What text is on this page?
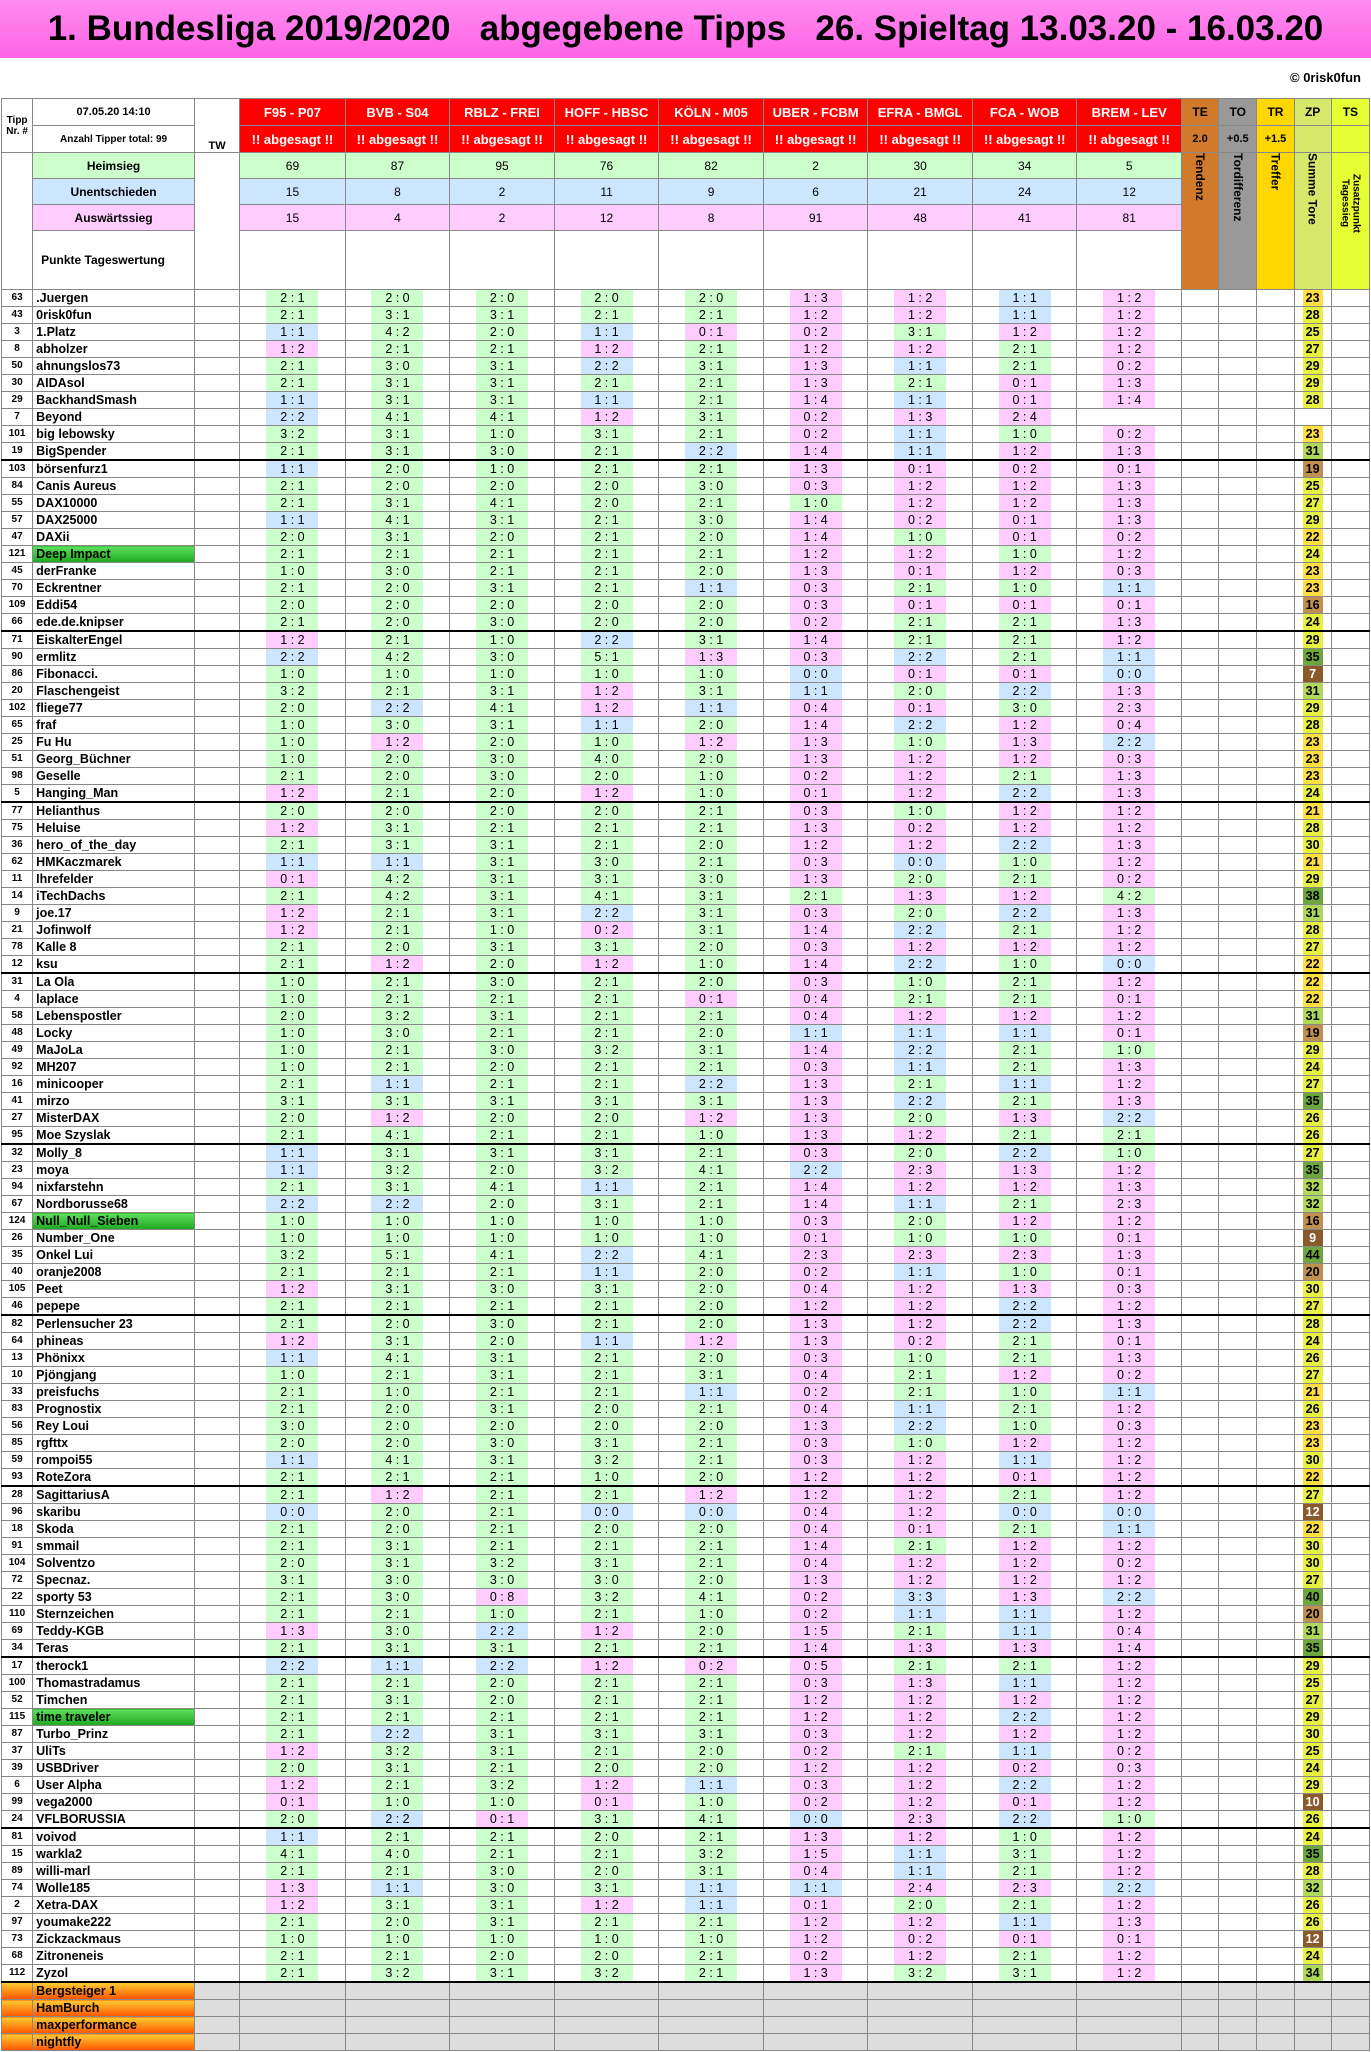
1. Bundesliga 2019/2020   abgegebene Tipps   26. Spieltag 13.03.20 - 16.03.20
© 0risk0fun
Tipp Nr. #	07.05.20 14:10	TW	F95 - P07	BVB - S04	RBLZ - FREI	HOFF - HBSC	KÖLN - M05	UBER - FCBM	EFRA - BMGL	FCA - WOB	BREM - LEV	TE	TO	TR	ZP	TS
	Anzahl Tipper total: 99		!! abgesagt !!	!! abgesagt !!	!! abgesagt !!	!! abgesagt !!	!! abgesagt !!	!! abgesagt !!	!! abgesagt !!	!! abgesagt !!	!! abgesagt !!	2.0	+0.5	+1.5		
	Heimsieg		69	87	95	76	82	2	30	34	5	Tendenz	Tordifferenz	Treffer	Summe Tore	Zusatzpunkt Tagessieg
	Unentschieden		15	8	2	11	9	6	21	24	12					
	Auswärtssieg		15	4	2	12	8	91	48	41	81					
	Punkte Tageswertung															
63	.Juergen		2 : 1	2 : 0	2 : 0	2 : 0	2 : 0	1 : 3	1 : 2	1 : 1	1 : 2				23	
43	0risk0fun		2 : 1	3 : 1	3 : 1	2 : 1	2 : 1	1 : 2	1 : 2	1 : 1	1 : 2				28	
3	1.Platz		1 : 1	4 : 2	2 : 0	1 : 1	0 : 1	0 : 2	3 : 1	1 : 2	1 : 2				25	
8	abholzer		1 : 2	2 : 1	2 : 1	1 : 2	2 : 1	1 : 2	1 : 2	2 : 1	1 : 2				27	
50	ahnungslos73		2 : 1	3 : 0	3 : 1	2 : 2	3 : 1	1 : 3	1 : 1	2 : 1	0 : 2				29	
30	AIDAsol		2 : 1	3 : 1	3 : 1	2 : 1	2 : 1	1 : 3	2 : 1	0 : 1	1 : 3				29	
29	BackhandSmash		1 : 1	3 : 1	3 : 1	1 : 1	2 : 1	1 : 4	1 : 1	0 : 1	1 : 4				28	
7	Beyond		2 : 2	4 : 1	4 : 1	1 : 2	3 : 1	0 : 2	1 : 3	2 : 4						
101	big lebowsky		3 : 2	3 : 1	1 : 0	3 : 1	2 : 1	0 : 2	1 : 1	1 : 0	0 : 2				23	
19	BigSpender		2 : 1	3 : 1	3 : 0	2 : 1	2 : 2	1 : 4	1 : 1	1 : 2	1 : 3				31	
103	börsenfurz1		1 : 1	2 : 0	1 : 0	2 : 1	2 : 1	1 : 3	0 : 1	0 : 2	0 : 1				19	
84	Canis Aureus		2 : 1	2 : 0	2 : 0	2 : 0	3 : 0	0 : 3	1 : 2	1 : 2	1 : 3				25	
55	DAX10000		2 : 1	3 : 1	4 : 1	2 : 0	2 : 1	1 : 0	1 : 2	1 : 2	1 : 3				27	
57	DAX25000		1 : 1	4 : 1	3 : 1	2 : 1	3 : 0	1 : 4	0 : 2	0 : 1	1 : 3				29	
47	DAXii		2 : 0	3 : 1	2 : 0	2 : 1	2 : 0	1 : 4	1 : 0	0 : 1	0 : 2				22	
121	Deep Impact		2 : 1	2 : 1	2 : 1	2 : 1	2 : 1	1 : 2	1 : 2	1 : 0	1 : 2				24	
45	derFranke		1 : 0	3 : 0	2 : 1	2 : 1	2 : 0	1 : 3	0 : 1	1 : 2	0 : 3				23	
70	Eckrentner		2 : 1	2 : 0	3 : 1	2 : 1	1 : 1	0 : 3	2 : 1	1 : 0	1 : 1				23	
109	Eddi54		2 : 0	2 : 0	2 : 0	2 : 0	2 : 0	0 : 3	0 : 1	0 : 1	0 : 1				16	
66	ede.de.knipser		2 : 1	2 : 0	3 : 0	2 : 0	2 : 0	0 : 2	2 : 1	2 : 1	1 : 3				24	
71	EiskalterEngel		1 : 2	2 : 1	1 : 0	2 : 2	3 : 1	1 : 4	2 : 1	2 : 1	1 : 2				29	
90	ermlitz		2 : 2	4 : 2	3 : 0	5 : 1	1 : 3	0 : 3	2 : 2	2 : 1	1 : 1				35	
86	Fibonacci.		1 : 0	1 : 0	1 : 0	1 : 0	1 : 0	0 : 0	0 : 1	0 : 1	0 : 0				7	
20	Flaschengeist		3 : 2	2 : 1	3 : 1	1 : 2	3 : 1	1 : 1	2 : 0	2 : 2	1 : 3				31	
102	fliege77		2 : 0	2 : 2	4 : 1	1 : 2	1 : 1	0 : 4	0 : 1	3 : 0	2 : 3				29	
65	fraf		1 : 0	3 : 0	3 : 1	1 : 1	2 : 0	1 : 4	2 : 2	1 : 2	0 : 4				28	
25	Fu Hu		1 : 0	1 : 2	2 : 0	1 : 0	1 : 2	1 : 3	1 : 0	1 : 3	2 : 2				23	
51	Georg_Büchner		1 : 0	2 : 0	3 : 0	4 : 0	2 : 0	1 : 3	1 : 2	1 : 2	0 : 3				23	
98	Geselle		2 : 1	2 : 0	3 : 0	2 : 0	1 : 0	0 : 2	1 : 2	2 : 1	1 : 3				23	
5	Hanging_Man		1 : 2	2 : 1	2 : 0	1 : 2	1 : 0	0 : 1	1 : 2	2 : 2	1 : 3				24	
77	Helianthus		2 : 0	2 : 0	2 : 0	2 : 0	2 : 1	0 : 3	1 : 0	1 : 2	1 : 2				21	
75	Heluise		1 : 2	3 : 1	2 : 1	2 : 1	2 : 1	1 : 3	0 : 2	1 : 2	1 : 2				28	
36	hero_of_the_day		2 : 1	3 : 1	3 : 1	2 : 1	2 : 0	1 : 2	1 : 2	2 : 2	1 : 3				30	
62	HMKaczmarek		1 : 1	1 : 1	3 : 1	3 : 0	2 : 1	0 : 3	0 : 0	1 : 0	1 : 2				21	
11	Ihrefelder		0 : 1	4 : 2	3 : 1	3 : 1	3 : 0	1 : 3	2 : 0	2 : 1	0 : 2				29	
14	iTechDachs		2 : 1	4 : 2	3 : 1	4 : 1	3 : 1	2 : 1	1 : 3	1 : 2	4 : 2				38	
9	joe.17		1 : 2	2 : 1	3 : 1	2 : 2	3 : 1	0 : 3	2 : 0	2 : 2	1 : 3				31	
21	Jofinwolf		1 : 2	2 : 1	1 : 0	0 : 2	3 : 1	1 : 4	2 : 2	2 : 1	1 : 2				28	
78	Kalle 8		2 : 1	2 : 0	3 : 1	3 : 1	2 : 0	0 : 3	1 : 2	1 : 2	1 : 2				27	
12	ksu		2 : 1	1 : 2	2 : 0	1 : 2	1 : 0	1 : 4	2 : 2	1 : 0	0 : 0				22	
31	La Ola		1 : 0	2 : 1	3 : 0	2 : 1	2 : 0	0 : 3	1 : 0	2 : 1	1 : 2				22	
4	laplace		1 : 0	2 : 1	2 : 1	2 : 1	0 : 1	0 : 4	2 : 1	2 : 1	0 : 1				22	
58	Lebenspostler		2 : 0	3 : 2	3 : 1	2 : 1	2 : 1	0 : 4	1 : 2	1 : 2	1 : 2				31	
48	Locky		1 : 0	3 : 0	2 : 1	2 : 1	2 : 0	1 : 1	1 : 1	1 : 1	0 : 1				19	
49	MaJoLa		1 : 0	2 : 1	3 : 0	3 : 2	3 : 1	1 : 4	2 : 2	2 : 1	1 : 0				29	
92	MH207		1 : 0	2 : 1	2 : 0	2 : 1	2 : 1	0 : 3	1 : 1	2 : 1	1 : 3				24	
16	minicooper		2 : 1	1 : 1	2 : 1	2 : 1	2 : 2	1 : 3	2 : 1	1 : 1	1 : 2				27	
41	mirzo		3 : 1	3 : 1	3 : 1	3 : 1	3 : 1	1 : 3	2 : 2	2 : 1	1 : 3				35	
27	MisterDAX		2 : 0	1 : 2	2 : 0	2 : 0	1 : 2	1 : 3	2 : 0	1 : 3	2 : 2				26	
95	Moe Szyslak		2 : 1	4 : 1	2 : 1	2 : 1	1 : 0	1 : 3	1 : 2	2 : 1	2 : 1				26	
32	Molly_8		1 : 1	3 : 1	3 : 1	3 : 1	2 : 1	0 : 3	2 : 0	2 : 2	1 : 0				27	
23	moya		1 : 1	3 : 2	2 : 0	3 : 2	4 : 1	2 : 2	2 : 3	1 : 3	1 : 2				35	
94	nixfarstehn		2 : 1	3 : 1	4 : 1	1 : 1	2 : 1	1 : 4	1 : 2	1 : 2	1 : 3				32	
67	Nordborusse68		2 : 2	2 : 2	2 : 0	3 : 1	2 : 1	1 : 4	1 : 1	2 : 1	2 : 3				32	
124	Null_Null_Sieben		1 : 0	1 : 0	1 : 0	1 : 0	1 : 0	0 : 3	2 : 0	1 : 2	1 : 2				16	
26	Number_One		1 : 0	1 : 0	1 : 0	1 : 0	1 : 0	0 : 1	1 : 0	1 : 0	0 : 1				9	
35	Onkel Lui		3 : 2	5 : 1	4 : 1	2 : 2	4 : 1	2 : 3	2 : 3	2 : 3	1 : 3				44	
40	oranje2008		2 : 1	2 : 1	2 : 1	1 : 1	2 : 0	0 : 2	1 : 1	1 : 0	0 : 1				20	
105	Peet		1 : 2	3 : 1	3 : 0	3 : 1	2 : 0	0 : 4	1 : 2	1 : 3	0 : 3				30	
46	pepepe		2 : 1	2 : 1	2 : 1	2 : 1	2 : 0	1 : 2	1 : 2	2 : 2	1 : 2				27	
82	Perlensucher 23		2 : 1	2 : 0	3 : 0	2 : 1	2 : 0	1 : 3	1 : 2	2 : 2	1 : 3				28	
64	phineas		1 : 2	3 : 1	2 : 0	1 : 1	1 : 2	1 : 3	0 : 2	2 : 1	0 : 1				24	
13	Phönixx		1 : 1	4 : 1	3 : 1	2 : 1	2 : 0	0 : 3	1 : 0	2 : 1	1 : 3				26	
10	Pjöngjang		1 : 0	2 : 1	3 : 1	2 : 1	3 : 1	0 : 4	2 : 1	1 : 2	0 : 2				27	
33	preisfuchs		2 : 1	1 : 0	2 : 1	2 : 1	1 : 1	0 : 2	2 : 1	1 : 0	1 : 1				21	
83	Prognostix		2 : 1	2 : 0	3 : 1	2 : 0	2 : 1	0 : 4	1 : 1	2 : 1	1 : 2				26	
56	Rey Loui		3 : 0	2 : 0	2 : 0	2 : 0	2 : 0	1 : 3	2 : 2	1 : 0	0 : 3				23	
85	rgfttx		2 : 0	2 : 0	3 : 0	3 : 1	2 : 1	0 : 3	1 : 0	1 : 2	1 : 2				23	
59	rompoi55		1 : 1	4 : 1	3 : 1	3 : 2	2 : 1	0 : 3	1 : 2	1 : 1	1 : 2				30	
93	RoteZora		2 : 1	2 : 1	2 : 1	1 : 0	2 : 0	1 : 2	1 : 2	0 : 1	1 : 2				22	
28	SagittariusA		2 : 1	1 : 2	2 : 1	2 : 1	1 : 2	1 : 2	1 : 2	2 : 1	1 : 2				27	
96	skaribu		0 : 0	2 : 0	2 : 1	0 : 0	0 : 0	0 : 4	1 : 2	0 : 0	0 : 0				12	
18	Skoda		2 : 1	2 : 0	2 : 1	2 : 0	2 : 0	0 : 4	0 : 1	2 : 1	1 : 1				22	
91	smmail		2 : 1	3 : 1	2 : 1	2 : 1	2 : 1	1 : 4	2 : 1	1 : 2	1 : 2				30	
104	Solventzo		2 : 0	3 : 1	3 : 2	3 : 1	2 : 1	0 : 4	1 : 2	1 : 2	0 : 2				30	
72	Specnaz.		3 : 1	3 : 0	3 : 0	3 : 0	2 : 0	1 : 3	1 : 2	1 : 2	1 : 2				27	
22	sporty 53		2 : 1	3 : 0	0 : 8	3 : 2	4 : 1	0 : 2	3 : 3	1 : 3	2 : 2				40	
110	Sternzeichen		2 : 1	2 : 1	1 : 0	2 : 1	1 : 0	0 : 2	1 : 1	1 : 1	1 : 2				20	
69	Teddy-KGB		1 : 3	3 : 0	2 : 2	1 : 2	2 : 0	1 : 5	2 : 1	1 : 1	0 : 4				31	
34	Teras		2 : 1	3 : 1	3 : 1	2 : 1	2 : 1	1 : 4	1 : 3	1 : 3	1 : 4				35	
17	therock1		2 : 2	1 : 1	2 : 2	1 : 2	0 : 2	0 : 5	2 : 1	2 : 1	1 : 2				29	
100	Thomastradamus		2 : 1	2 : 1	2 : 0	2 : 1	2 : 1	0 : 3	1 : 3	1 : 1	1 : 2				25	
52	Timchen		2 : 1	3 : 1	2 : 0	2 : 1	2 : 1	1 : 2	1 : 2	1 : 2	1 : 2				27	
115	time traveler		2 : 1	2 : 1	2 : 1	2 : 1	2 : 1	1 : 2	1 : 2	2 : 2	1 : 2				29	
87	Turbo_Prinz		2 : 1	2 : 2	3 : 1	3 : 1	3 : 1	0 : 3	1 : 2	1 : 2	1 : 2				30	
37	UliTs		1 : 2	3 : 2	3 : 1	2 : 1	2 : 0	0 : 2	2 : 1	1 : 1	0 : 2				25	
39	USBDriver		2 : 0	3 : 1	2 : 1	2 : 0	2 : 0	1 : 2	1 : 2	0 : 2	0 : 3				24	
6	User Alpha		1 : 2	2 : 1	3 : 2	1 : 2	1 : 1	0 : 3	1 : 2	2 : 2	1 : 2				29	
99	vega2000		0 : 1	1 : 0	1 : 0	0 : 1	1 : 0	0 : 2	1 : 2	0 : 1	1 : 2				10	
24	VFLBORUSSIA		2 : 0	2 : 2	0 : 1	3 : 1	4 : 1	0 : 0	2 : 3	2 : 2	1 : 0				26	
81	voivod		1 : 1	2 : 1	2 : 1	2 : 0	2 : 1	1 : 3	1 : 2	1 : 0	1 : 2				24	
15	warkla2		4 : 1	4 : 0	2 : 1	2 : 1	3 : 2	1 : 5	1 : 1	3 : 1	1 : 2				35	
89	willi-marl		2 : 1	2 : 1	3 : 0	2 : 0	3 : 1	0 : 4	1 : 1	2 : 1	1 : 2				28	
74	Wolle185		1 : 3	1 : 1	3 : 0	3 : 1	1 : 1	1 : 1	2 : 4	2 : 3	2 : 2				32	
2	Xetra-DAX		1 : 2	3 : 1	3 : 1	1 : 2	1 : 1	0 : 1	2 : 0	2 : 1	1 : 2				26	
97	youmake222		2 : 1	2 : 0	3 : 1	2 : 1	2 : 1	1 : 2	1 : 2	1 : 1	1 : 3				26	
73	Zickzackmaus		1 : 0	1 : 0	1 : 0	1 : 0	1 : 0	1 : 2	0 : 2	0 : 1	0 : 1				12	
68	Zitroneneis		2 : 1	2 : 1	2 : 0	2 : 0	2 : 1	0 : 2	1 : 2	2 : 1	1 : 2				24	
112	Zyzol		2 : 1	3 : 2	3 : 1	3 : 2	2 : 1	1 : 3	3 : 2	3 : 1	1 : 2				34	
	Bergsteiger 1															
	HamBurch															
	maxperformance															
	nightfly															
